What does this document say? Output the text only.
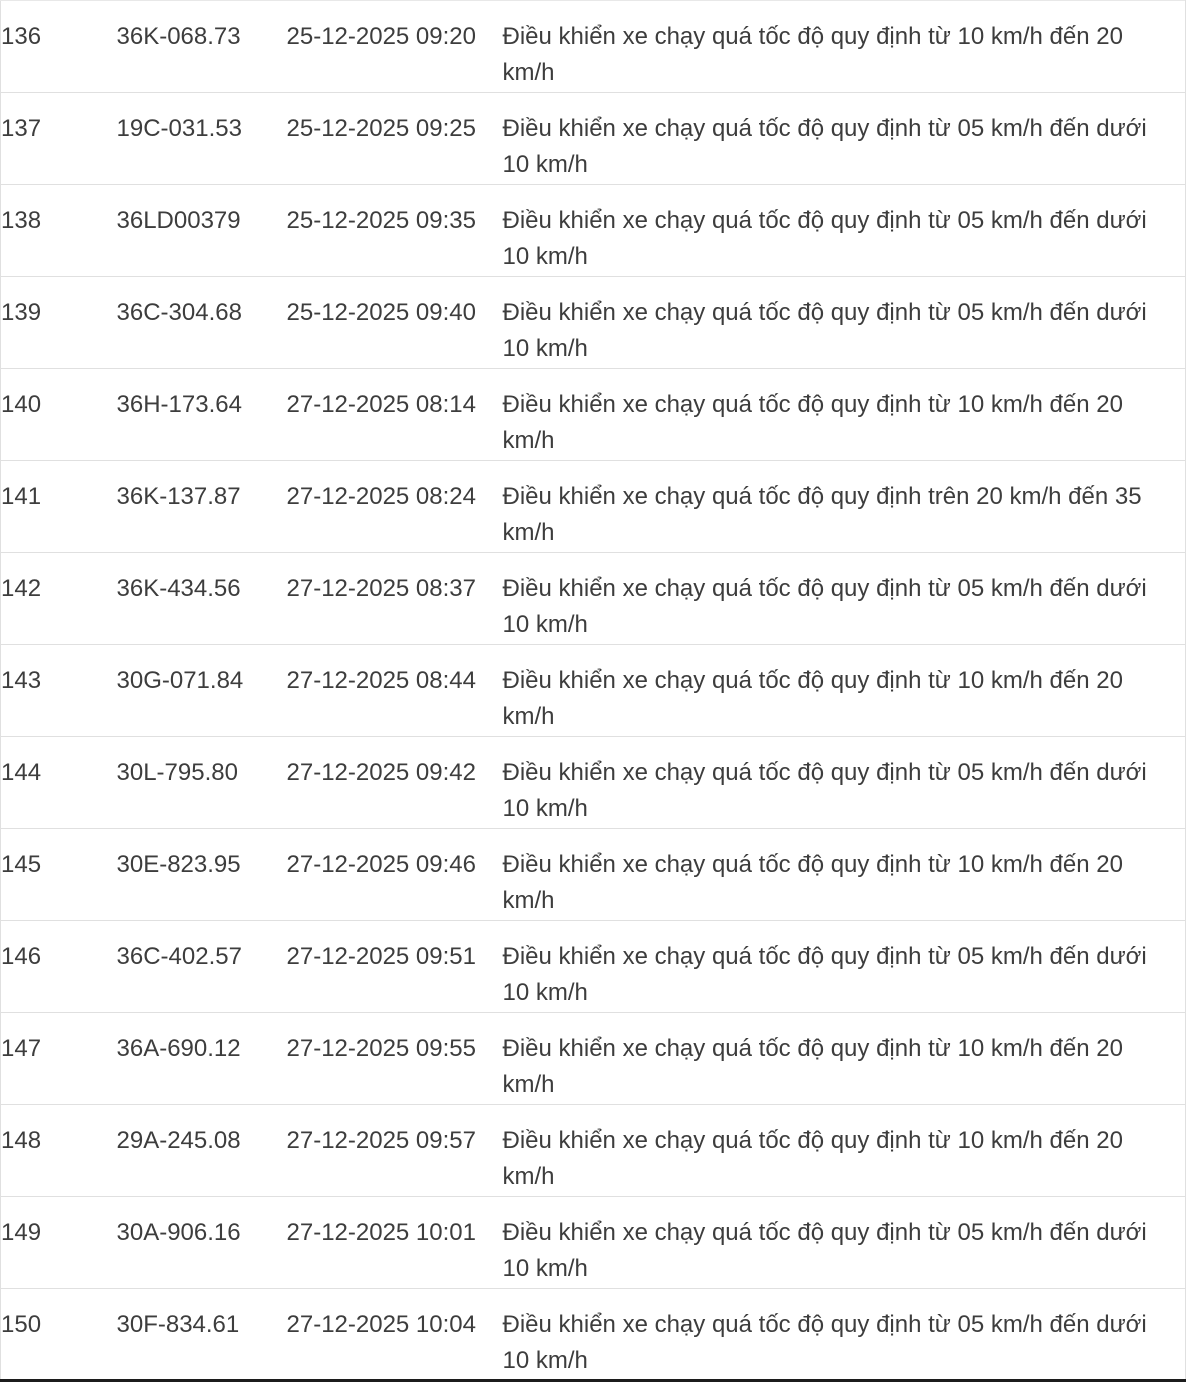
136	36K-068.73	25-12-2025 09:20	Điều khiển xe chạy quá tốc độ quy định từ 10 km/h đến 20
km/h

137	19C-031.53	25-12-2025 09:25	Điều khiển xe chạy quá tốc độ quy định từ 05 km/h đến dưới
10 km/h

138	36LD00379	25-12-2025 09:35	Điều khiển xe chạy quá tốc độ quy định từ 05 km/h đến dưới
10 km/h

139	36C-304.68	25-12-2025 09:40	Điều khiển xe chạy quá tốc độ quy định từ 05 km/h đến dưới
10 km/h

140	36H-173.64	27-12-2025 08:14	Điều khiển xe chạy quá tốc độ quy định từ 10 km/h đến 20
km/h

141	36K-137.87	27-12-2025 08:24	Điều khiển xe chạy quá tốc độ quy định trên 20 km/h đến 35
km/h

142	36K-434.56	27-12-2025 08:37	Điều khiển xe chạy quá tốc độ quy định từ 05 km/h đến dưới
10 km/h

143	30G-071.84	27-12-2025 08:44	Điều khiển xe chạy quá tốc độ quy định từ 10 km/h đến 20
km/h

144	30L-795.80	27-12-2025 09:42	Điều khiển xe chạy quá tốc độ quy định từ 05 km/h đến dưới
10 km/h

145	30E-823.95	27-12-2025 09:46	Điều khiển xe chạy quá tốc độ quy định từ 10 km/h đến 20
km/h

146	36C-402.57	27-12-2025 09:51	Điều khiển xe chạy quá tốc độ quy định từ 05 km/h đến dưới
10 km/h

147	36A-690.12	27-12-2025 09:55	Điều khiển xe chạy quá tốc độ quy định từ 10 km/h đến 20
km/h

148	29A-245.08	27-12-2025 09:57	Điều khiển xe chạy quá tốc độ quy định từ 10 km/h đến 20
km/h

149	30A-906.16	27-12-2025 10:01	Điều khiển xe chạy quá tốc độ quy định từ 05 km/h đến dưới
10 km/h

150	30F-834.61	27-12-2025 10:04	Điều khiển xe chạy quá tốc độ quy định từ 05 km/h đến dưới
10 km/h
